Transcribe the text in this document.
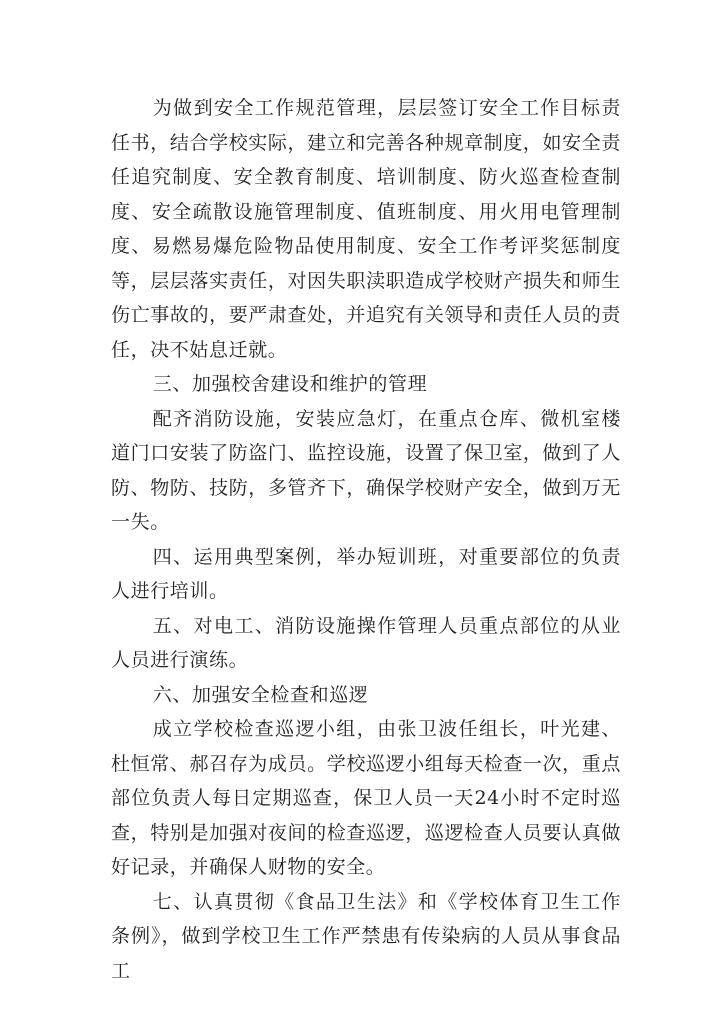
为做到安全工作规范管理，层层签订安全工作目标责任书，结合学校实际，建立和完善各种规章制度，如安全责任追究制度、安全教育制度、培训制度、防火巡查检查制度、安全疏散设施管理制度、值班制度、用火用电管理制度、易燃易爆危险物品使用制度、安全工作考评奖惩制度等，层层落实责任，对因失职渎职造成学校财产损失和师生伤亡事故的，要严肃查处，并追究有关领导和责任人员的责任，决不姑息迁就。

三、加强校舍建设和维护的管理

配齐消防设施，安装应急灯，在重点仓库、微机室楼道门口安装了防盗门、监控设施，设置了保卫室，做到了人防、物防、技防，多管齐下，确保学校财产安全，做到万无一失。

四、运用典型案例，举办短训班，对重要部位的负责人进行培训。

五、对电工、消防设施操作管理人员重点部位的从业人员进行演练。

六、加强安全检查和巡逻

成立学校检查巡逻小组，由张卫波任组长，叶光建、杜恒常、郝召存为成员。学校巡逻小组每天检查一次，重点部位负责人每日定期巡查，保卫人员一天24小时不定时巡查，特别是加强对夜间的检查巡逻，巡逻检查人员要认真做好记录，并确保人财物的安全。

七、认真贯彻《食品卫生法》和《学校体育卫生工作条例》，做到学校卫生工作严禁患有传染病的人员从事食品工
